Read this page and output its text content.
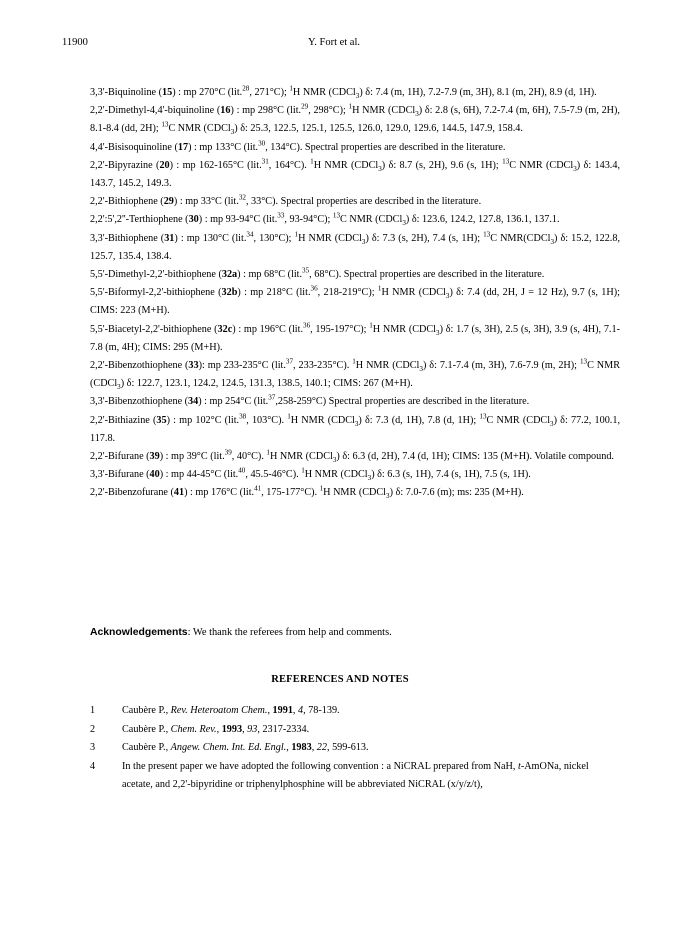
11900	Y. Fort et al.

3,3'-Biquinoline (15) : mp 270°C (lit.$^{28}$, 271°C); $^1$H NMR (CDCl$_3$) δ: 7.4 (m, 1H), 7.2-7.9 (m, 3H), 8.1 (m, 2H), 8.9 (d, 1H).

2,2'-Dimethyl-4,4'-biquinoline (16) : mp 298°C (lit.$^{29}$, 298°C); $^1$H NMR (CDCl$_3$) δ: 2.8 (s, 6H), 7.2-7.4 (m, 6H), 7.5-7.9 (m, 2H), 8.1-8.4 (dd, 2H); $^{13}$C NMR (CDCl$_3$) δ: 25.3, 122.5, 125.1, 125.5, 126.0, 129.0, 129.6, 144.5, 147.9, 158.4.

4,4'-Bisisoquinoline (17) : mp 133°C (lit.$^{30}$, 134°C). Spectral properties are described in the literature.

2,2'-Bipyrazine (20) : mp 162-165°C (lit.$^{31}$, 164°C). $^1$H NMR (CDCl$_3$) δ: 8.7 (s, 2H), 9.6 (s, 1H); $^{13}$C NMR (CDCl$_3$) δ: 143.4, 143.7, 145.2, 149.3.

2,2'-Bithiophene (29) : mp 33°C (lit.$^{32}$, 33°C). Spectral properties are described in the literature.

2,2':5',2''-Terthiophene (30) : mp 93-94°C (lit.$^{33}$, 93-94°C); $^{13}$C NMR (CDCl$_3$) δ: 123.6, 124.2, 127.8, 136.1, 137.1.

3,3'-Bithiophene (31) : mp 130°C (lit.$^{34}$, 130°C); $^1$H NMR (CDCl$_3$) δ: 7.3 (s, 2H), 7.4 (s, 1H); $^{13}$C NMR(CDCl$_3$) δ: 15.2, 122.8, 125.7, 135.4, 138.4.

5,5'-Dimethyl-2,2'-bithiophene (32a) : mp 68°C (lit.$^{35}$, 68°C). Spectral properties are described in the literature.

5,5'-Biformyl-2,2'-bithiophene (32b) : mp 218°C (lit.$^{36}$, 218-219°C); $^1$H NMR (CDCl$_3$) δ: 7.4 (dd, 2H, J = 12 Hz), 9.7 (s, 1H); CIMS: 223 (M+H).

5,5'-Biacetyl-2,2'-bithiophene (32c) : mp 196°C (lit.$^{36}$, 195-197°C); $^1$H NMR (CDCl$_3$) δ: 1.7 (s, 3H), 2.5 (s, 3H), 3.9 (s, 4H), 7.1-7.8 (m, 4H); CIMS: 295 (M+H).

2,2'-Bibenzothiophene (33): mp 233-235°C (lit.$^{37}$, 233-235°C). $^1$H NMR (CDCl$_3$) δ: 7.1-7.4 (m, 3H), 7.6-7.9 (m, 2H); $^{13}$C NMR (CDCl$_3$) δ: 122.7, 123.1, 124.2, 124.5, 131.3, 138.5, 140.1; CIMS: 267 (M+H).

3,3'-Bibenzothiophene (34) : mp 254°C (lit.$^{37}$,258-259°C) Spectral properties are described in the literature.

2,2'-Bithiazine (35) : mp 102°C (lit.$^{38}$, 103°C). $^1$H NMR (CDCl$_3$) δ: 7.3 (d, 1H), 7.8 (d, 1H); $^{13}$C NMR (CDCl$_3$) δ: 77.2, 100.1, 117.8.

2,2'-Bifurane (39) : mp 39°C (lit.$^{39}$, 40°C). $^1$H NMR (CDCl$_3$) δ: 6.3 (d, 2H), 7.4 (d, 1H); CIMS: 135 (M+H). Volatile compound.

3,3'-Bifurane (40) : mp 44-45°C (lit.$^{40}$, 45.5-46°C). $^1$H NMR (CDCl$_3$) δ: 6.3 (s, 1H), 7.4 (s, 1H), 7.5 (s, 1H).

2,2'-Bibenzofurane (41) : mp 176°C (lit.$^{41}$, 175-177°C). $^1$H NMR (CDCl$_3$) δ: 7.0-7.6 (m); ms: 235 (M+H).

Acknowledgements: We thank the referees from help and comments.
REFERENCES AND NOTES
1	Caubère P., Rev. Heteroatom Chem., 1991, 4, 78-139.
2	Caubère P., Chem. Rev., 1993, 93, 2317-2334.
3	Caubère P., Angew. Chem. Int. Ed. Engl., 1983, 22, 599-613.
4	In the present paper we have adopted the following convention : a NiCRAL prepared from NaH, t-AmONa, nickel acetate, and 2,2'-bipyridine or triphenylphosphine will be abbreviated NiCRAL (x/y/z/t),
